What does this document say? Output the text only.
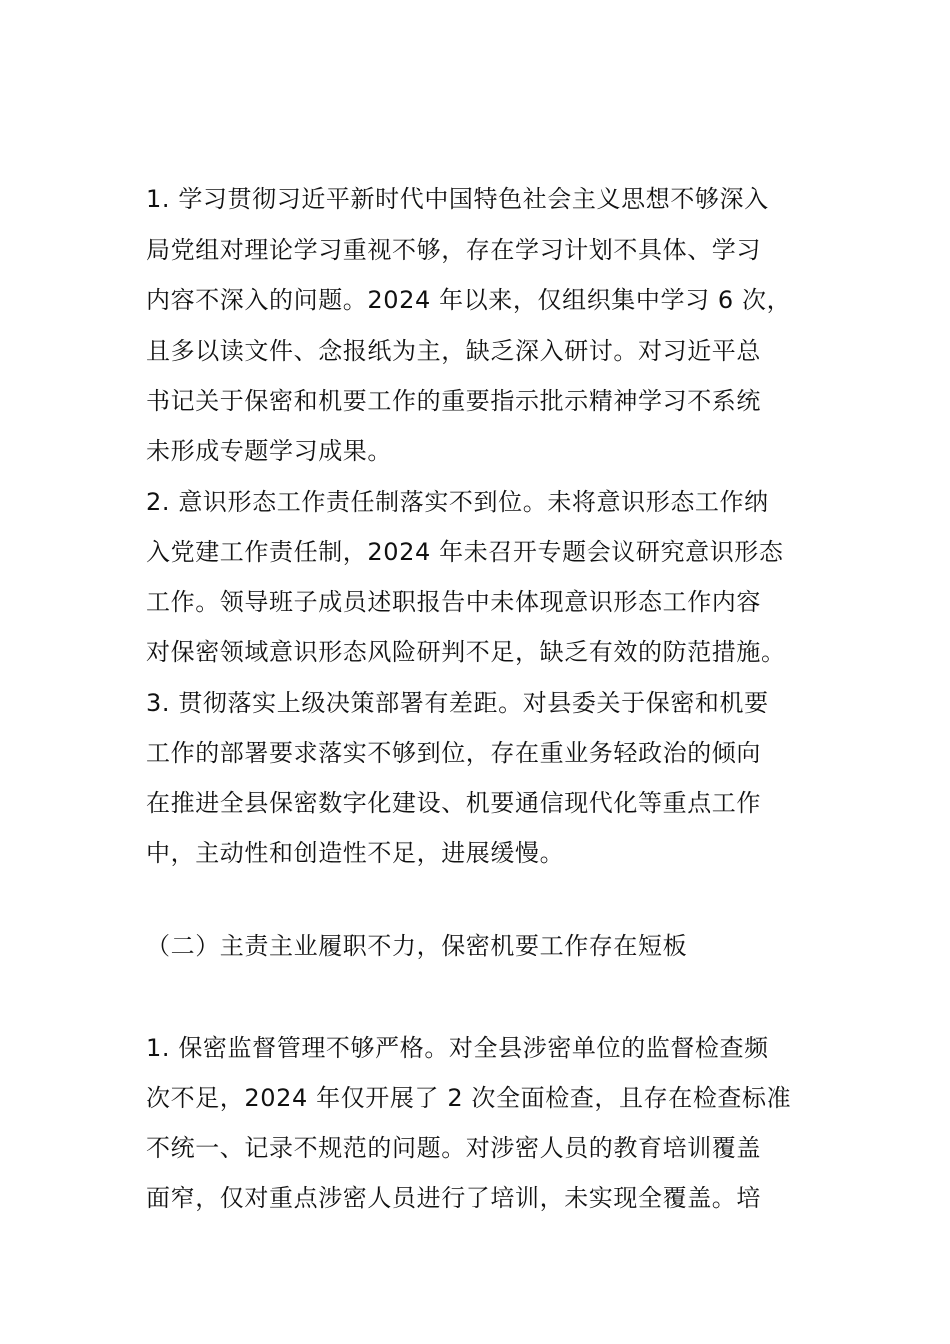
1. 学习贯彻习近平新时代中国特色社会主义思想不够深入
局党组对理论学习重视不够，存在学习计划不具体、学习
内容不深入的问题。2024 年以来，仅组织集中学习 6 次，
且多以读文件、念报纸为主，缺乏深入研讨。对习近平总
书记关于保密和机要工作的重要指示批示精神学习不系统
未形成专题学习成果。
2. 意识形态工作责任制落实不到位。未将意识形态工作纳
入党建工作责任制，2024 年未召开专题会议研究意识形态
工作。领导班子成员述职报告中未体现意识形态工作内容
对保密领域意识形态风险研判不足，缺乏有效的防范措施。
3. 贯彻落实上级决策部署有差距。对县委关于保密和机要
工作的部署要求落实不够到位，存在重业务轻政治的倾向
在推进全县保密数字化建设、机要通信现代化等重点工作
中，主动性和创造性不足，进展缓慢。
（二）主责主业履职不力，保密机要工作存在短板
1. 保密监督管理不够严格。对全县涉密单位的监督检查频
次不足，2024 年仅开展了 2 次全面检查，且存在检查标准
不统一、记录不规范的问题。对涉密人员的教育培训覆盖
面窄，仅对重点涉密人员进行了培训，未实现全覆盖。培
